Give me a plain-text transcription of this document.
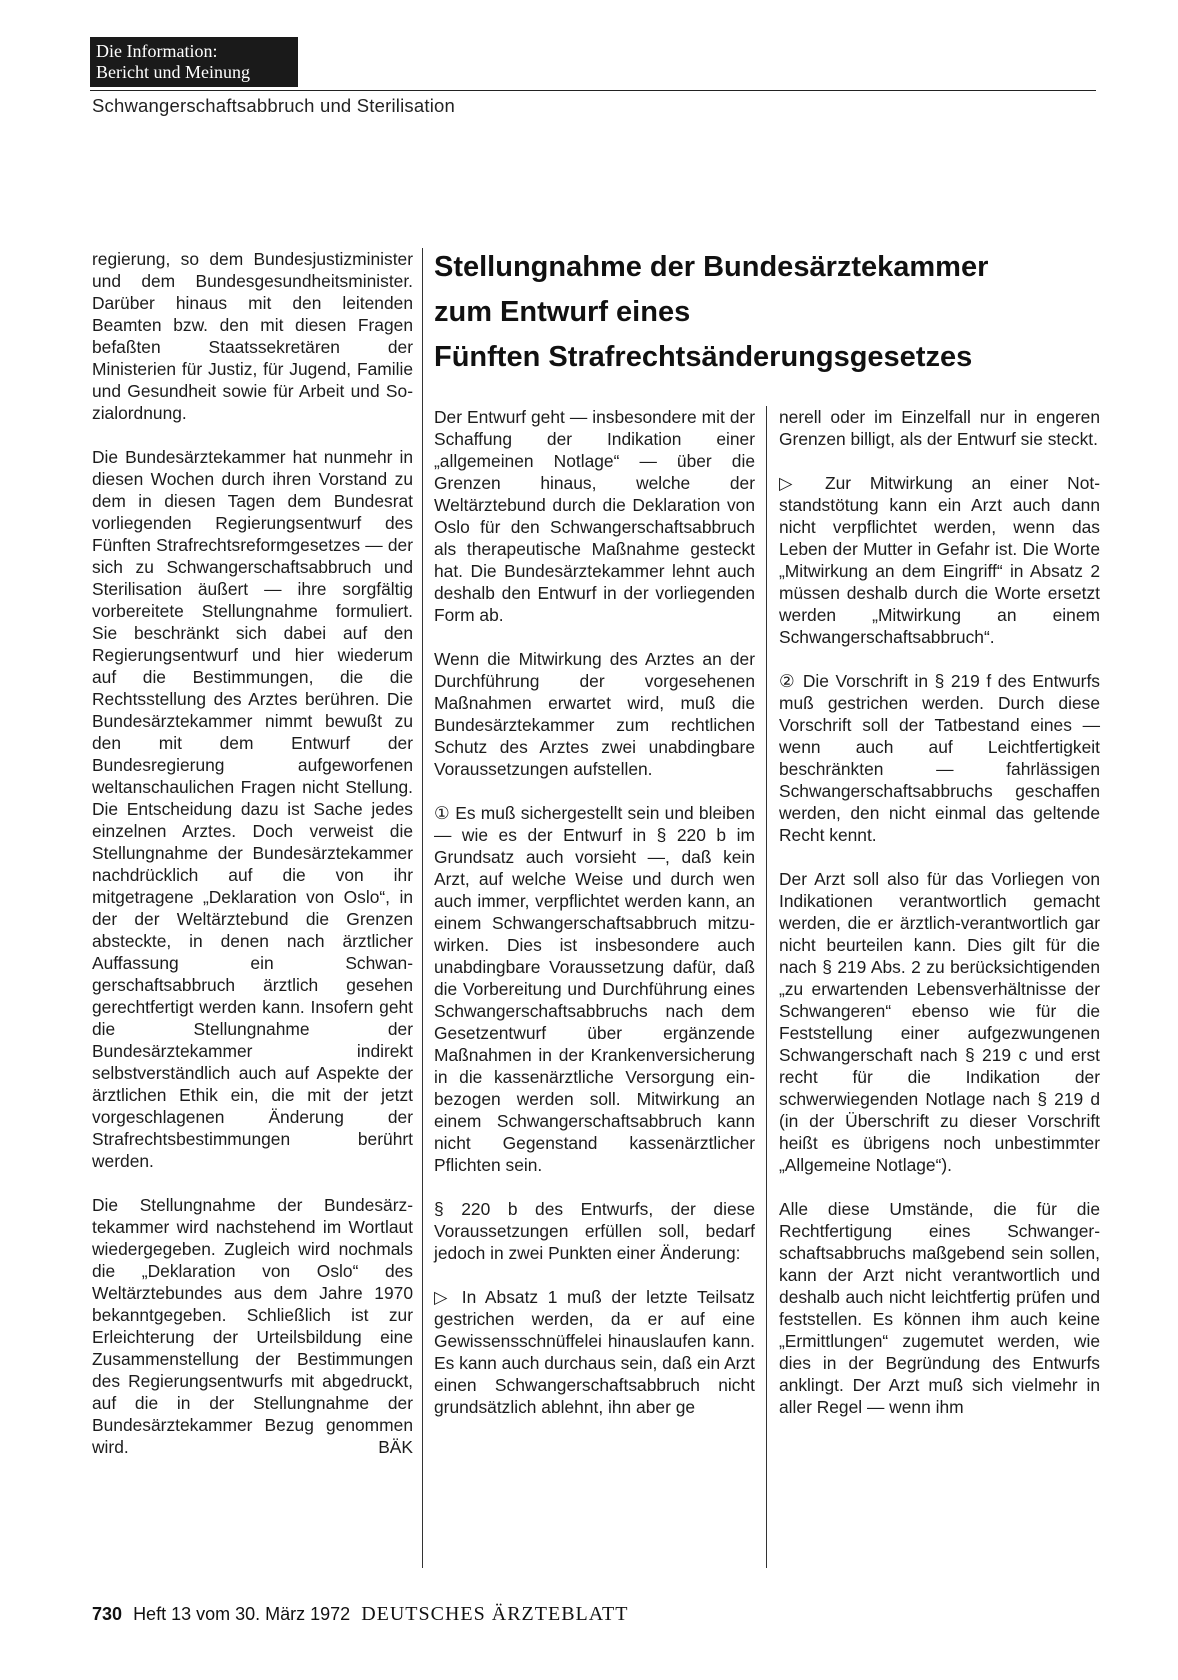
Die Information:
Bericht und Meinung
Schwangerschaftsabbruch und Sterilisation

regierung, so dem Bundesjustizminister und dem Bundesgesundheitsminister. Darüber hinaus mit den leitenden Beamten bzw. den mit diesen Fragen befaßten Staatssekretären der Ministerien für Justiz, für Jugend, Familie und Gesundheit sowie für Arbeit und Sozialordnung.

Die Bundesärztekammer hat nunmehr in diesen Wochen durch ihren Vorstand zu dem in diesen Tagen dem Bundesrat vorliegenden Regierungsentwurf des Fünften Strafrechtsreformgesetzes — der sich zu Schwangerschaftsabbruch und Sterilisation äußert — ihre sorgfältig vorbereitete Stellungnahme formuliert. Sie beschränkt sich dabei auf den Regierungsentwurf und hier wiederum auf die Bestimmungen, die die Rechtsstellung des Arztes berühren. Die Bundesärztekammer nimmt bewußt zu den mit dem Entwurf der Bundesregierung aufgeworfenen weltanschaulichen Fragen nicht Stellung. Die Entscheidung dazu ist Sache jedes einzelnen Arztes. Doch verweist die Stellungnahme der Bundesärztekammer nachdrücklich auf die von ihr mitgetragene „Deklaration von Oslo“, in der der Weltärztebund die Grenzen absteckte, in denen nach ärztlicher Auffassung ein Schwangerschaftsabbruch ärztlich gesehen gerechtfertigt werden kann. Insofern geht die Stellungnahme der Bundesärztekammer indirekt selbstverständlich auch auf Aspekte der ärztlichen Ethik ein, die mit der jetzt vorgeschlagenen Änderung der Strafrechtsbestimmungen berührt werden.

Die Stellungnahme der Bundesärztekammer wird nachstehend im Wortlaut wiedergegeben. Zugleich wird nochmals die „Deklaration von Oslo“ des Weltärztebundes aus dem Jahre 1970 bekanntgegeben. Schließlich ist zur Erleichterung der Urteilsbildung eine Zusammenstellung der Bestimmungen des Regierungsentwurfs mit abgedruckt, auf die in der Stellungnahme der Bundesärztekammer Bezug genommen wird.	BÄK

Stellungnahme der Bundesärztekammer
zum Entwurf eines
Fünften Strafrechtsänderungsgesetzes

Der Entwurf geht — insbesondere mit der Schaffung der Indikation einer „allgemeinen Notlage“ — über die Grenzen hinaus, welche der Weltärztebund durch die Deklaration von Oslo für den Schwangerschaftsabbruch als therapeutische Maßnahme gesteckt hat. Die Bundesärztekammer lehnt auch deshalb den Entwurf in der vorliegenden Form ab.

Wenn die Mitwirkung des Arztes an der Durchführung der vorgesehenen Maßnahmen erwartet wird, muß die Bundesärztekammer zum rechtlichen Schutz des Arztes zwei unabdingbare Voraussetzungen aufstellen.

① Es muß sichergestellt sein und bleiben — wie es der Entwurf in § 220 b im Grundsatz auch vorsieht —, daß kein Arzt, auf welche Weise und durch wen auch immer, verpflichtet werden kann, an einem Schwangerschaftsabbruch mitzuwirken. Dies ist insbesondere auch unabdingbare Voraussetzung dafür, daß die Vorbereitung und Durchführung eines Schwangerschaftsabbruchs nach dem Gesetzentwurf über ergänzende Maßnahmen in der Krankenversicherung in die kassenärztliche Versorgung einbezogen werden soll. Mitwirkung an einem Schwangerschaftsabbruch kann nicht Gegenstand kassenärztlicher Pflichten sein.

§ 220 b des Entwurfs, der diese Voraussetzungen erfüllen soll, bedarf jedoch in zwei Punkten einer Änderung:

▷ In Absatz 1 muß der letzte Teilsatz gestrichen werden, da er auf eine Gewissensschnüffelei hinauslaufen kann. Es kann auch durchaus sein, daß ein Arzt einen Schwangerschaftsabbruch nicht grundsätzlich ablehnt, ihn aber ge

nerell oder im Einzelfall nur in engeren Grenzen billigt, als der Entwurf sie steckt.

▷ Zur Mitwirkung an einer Notstandstötung kann ein Arzt auch dann nicht verpflichtet werden, wenn das Leben der Mutter in Gefahr ist. Die Worte „Mitwirkung an dem Eingriff“ in Absatz 2 müssen deshalb durch die Worte ersetzt werden „Mitwirkung an einem Schwangerschaftsabbruch“.

② Die Vorschrift in § 219 f des Entwurfs muß gestrichen werden. Durch diese Vorschrift soll der Tatbestand eines — wenn auch auf Leichtfertigkeit beschränkten — fahrlässigen Schwangerschaftsabbruchs geschaffen werden, den nicht einmal das geltende Recht kennt.

Der Arzt soll also für das Vorliegen von Indikationen verantwortlich gemacht werden, die er ärztlich-verantwortlich gar nicht beurteilen kann. Dies gilt für die nach § 219 Abs. 2 zu berücksichtigenden „zu erwartenden Lebensverhältnisse der Schwangeren“ ebenso wie für die Feststellung einer aufgezwungenen Schwangerschaft nach § 219 c und erst recht für die Indikation der schwerwiegenden Notlage nach § 219 d (in der Überschrift zu dieser Vorschrift heißt es übrigens noch unbestimmter „Allgemeine Notlage“).

Alle diese Umstände, die für die Rechtfertigung eines Schwangerschaftsabbruchs maßgebend sein sollen, kann der Arzt nicht verantwortlich und deshalb auch nicht leichtfertig prüfen und feststellen. Es können ihm auch keine „Ermittlungen“ zugemutet werden, wie dies in der Begründung des Entwurfs anklingt. Der Arzt muß sich vielmehr in aller Regel — wenn ihm

730 Heft 13 vom 30. März 1972 DEUTSCHES ÄRZTEBLATT
